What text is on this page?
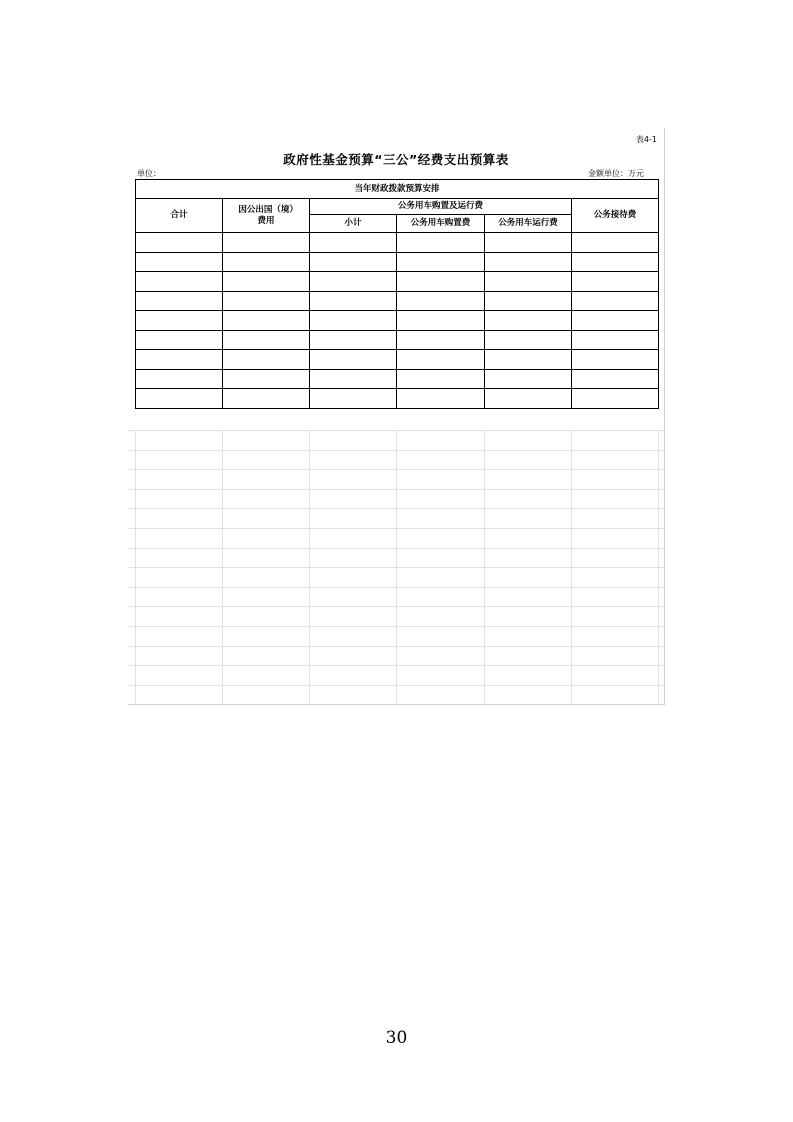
表4-1
政府性基金预算“三公”经费支出预算表
单位：	金额单位：万元
当年财政拨款预算安排					
合计	因公出国（境）费用	公务用车购置及运行费			公务接待费
		小计	公务用车购置费	公务用车运行费	

30
